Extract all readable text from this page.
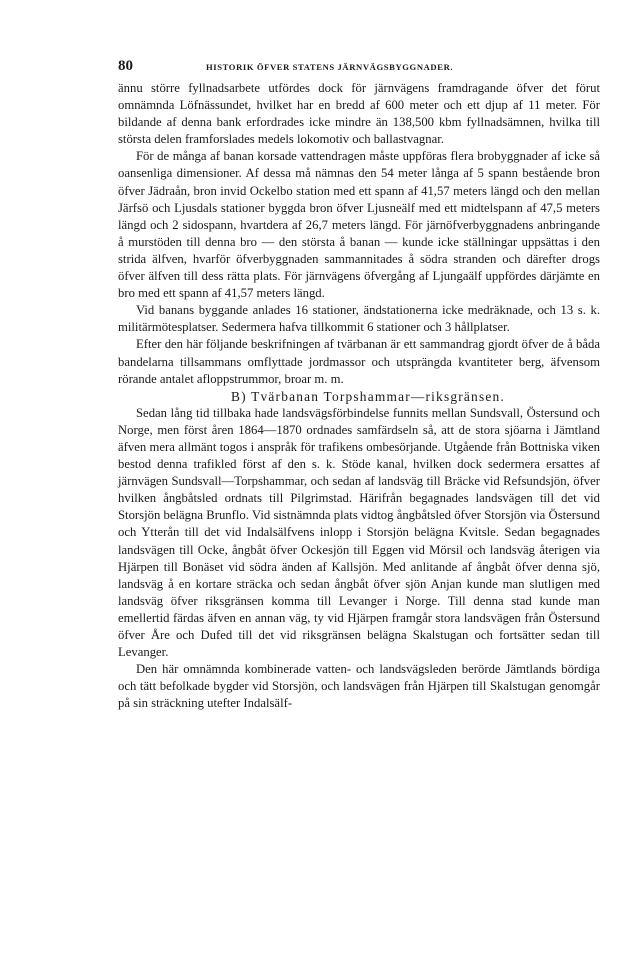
80	HISTORIK ÖFVER STATENS JÄRNVÄGSBYGGNADER.

ännu större fyllnadsarbete utfördes dock för järnvägens framdragande öfver det förut omnämnda Löfnässundet, hvilket har en bredd af 600 meter och ett djup af 11 meter. För bildande af denna bank erfordrades icke mindre än 138,500 kbm fyllnadsämnen, hvilka till största delen framforslades medels lokomotiv och ballastvagnar.

För de många af banan korsade vattendragen måste uppföras flera brobyggnader af icke så oansenliga dimensioner. Af dessa må nämnas den 54 meter långa af 5 spann bestående bron öfver Jädraån, bron invid Ockelbo station med ett spann af 41,57 meters längd och den mellan Järfsö och Ljusdals stationer byggda bron öfver Ljusneälf med ett midtelspann af 47,5 meters längd och 2 sidospann, hvartdera af 26,7 meters längd. För järnöfverbyggnadens anbringande å murstöden till denna bro — den största å banan — kunde icke ställningar uppsättas i den strida älfven, hvarför öfverbyggnaden sammannitades å södra stranden och därefter drogs öfver älfven till dess rätta plats. För järnvägens öfvergång af Ljungaälf uppfördes därjämte en bro med ett spann af 41,57 meters längd.

Vid banans byggande anlades 16 stationer, ändstationerna icke medräknade, och 13 s. k. militärmötesplatser. Sedermera hafva tillkommit 6 stationer och 3 hållplatser.

Efter den här följande beskrifningen af tvärbanan är ett sammandrag gjordt öfver de å båda bandelarna tillsammans omflyttade jordmassor och utsprängda kvantiteter berg, äfvensom rörande antalet afloppstrummor, broar m. m.

B) Tvärbanan Torpshammar—riksgränsen.

Sedan lång tid tillbaka hade landsvägsförbindelse funnits mellan Sundsvall, Östersund och Norge, men först åren 1864—1870 ordnades samfärdseln så, att de stora sjöarna i Jämtland äfven mera allmänt togos i anspråk för trafikens ombesörjande. Utgående från Bottniska viken bestod denna trafikled först af den s. k. Stöde kanal, hvilken dock sedermera ersattes af järnvägen Sundsvall—Torpshammar, och sedan af landsväg till Bräcke vid Refsundsjön, öfver hvilken ångbåtsled ordnats till Pilgrimstad. Härifrån begagnades landsvägen till det vid Storsjön belägna Brunflo. Vid sistnämnda plats vidtog ångbåtsled öfver Storsjön via Östersund och Ytterån till det vid Indalsälfvens inlopp i Storsjön belägna Kvitsle. Sedan begagnades landsvägen till Ocke, ångbåt öfver Ockesjön till Eggen vid Mörsil och landsväg återigen via Hjärpen till Bonäset vid södra änden af Kallsjön. Med anlitande af ångbåt öfver denna sjö, landsväg å en kortare sträcka och sedan ångbåt öfver sjön Anjan kunde man slutligen med landsväg öfver riksgränsen komma till Levanger i Norge. Till denna stad kunde man emellertid färdas äfven en annan väg, ty vid Hjärpen framgår stora landsvägen från Östersund öfver Åre och Dufed till det vid riksgränsen belägna Skalstugan och fortsätter sedan till Levanger.

Den här omnämnda kombinerade vatten- och landsvägsleden berörde Jämtlands bördiga och tätt befolkade bygder vid Storsjön, och landsvägen från Hjärpen till Skalstugan genomgår på sin sträckning utefter Indalsälf-
